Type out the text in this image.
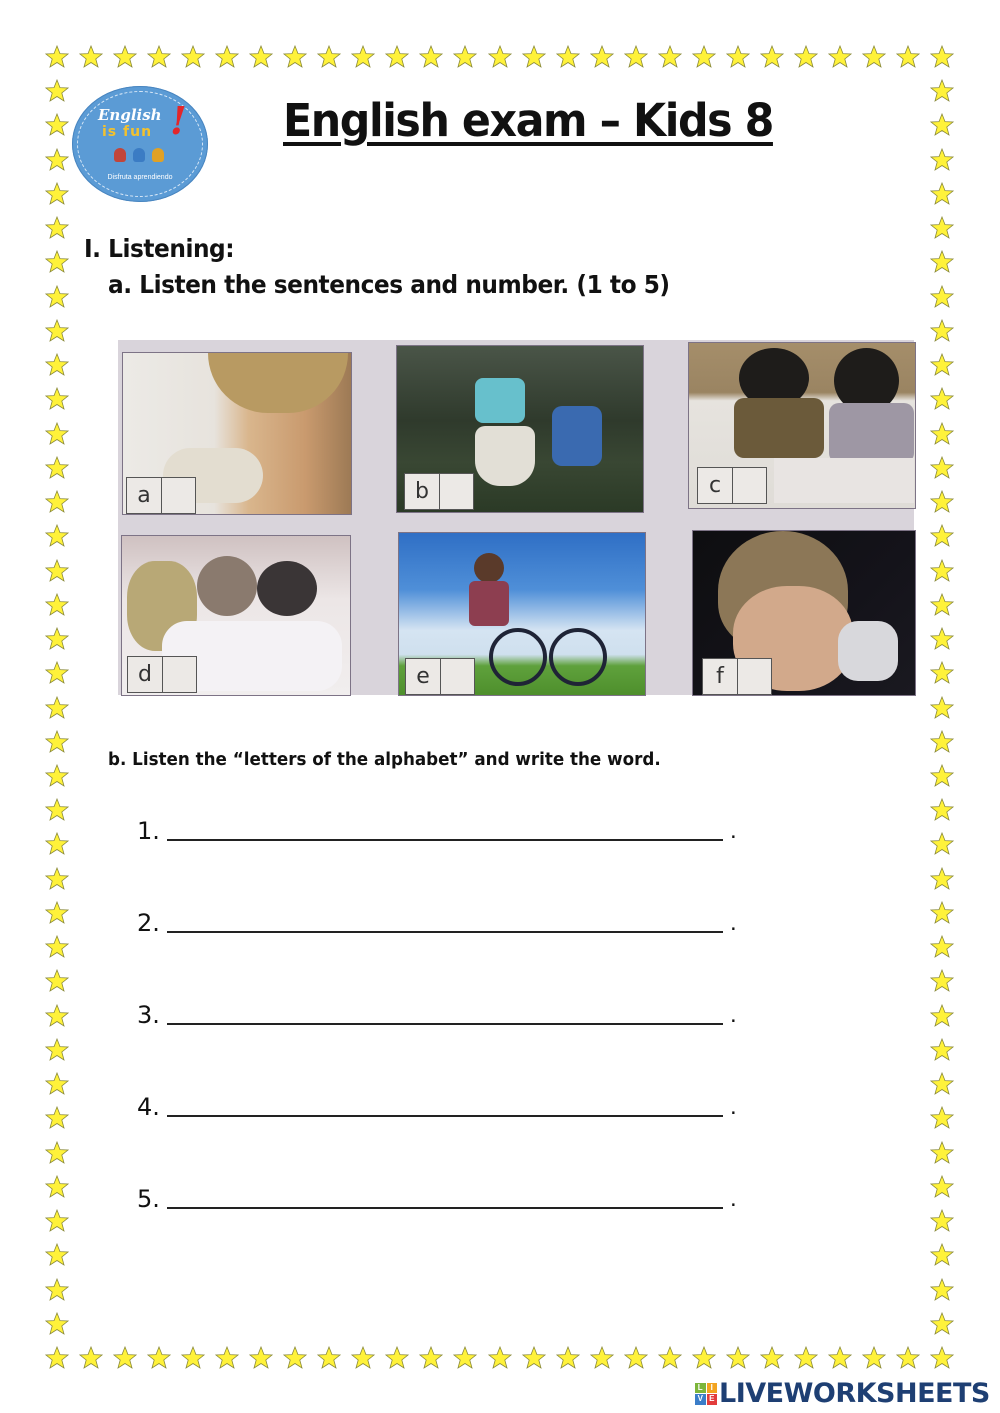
English
is fun !
Disfruta aprendiendo
English exam – Kids 8
I. Listening:
a. Listen the sentences and number. (1 to 5)
a	b	c
d	e	f
b. Listen the “letters of the alphabet” and write the word.
1.	.
2.	.
3.	.
4.	.
5.	.
L I
V E LIVEWORKSHEETS
